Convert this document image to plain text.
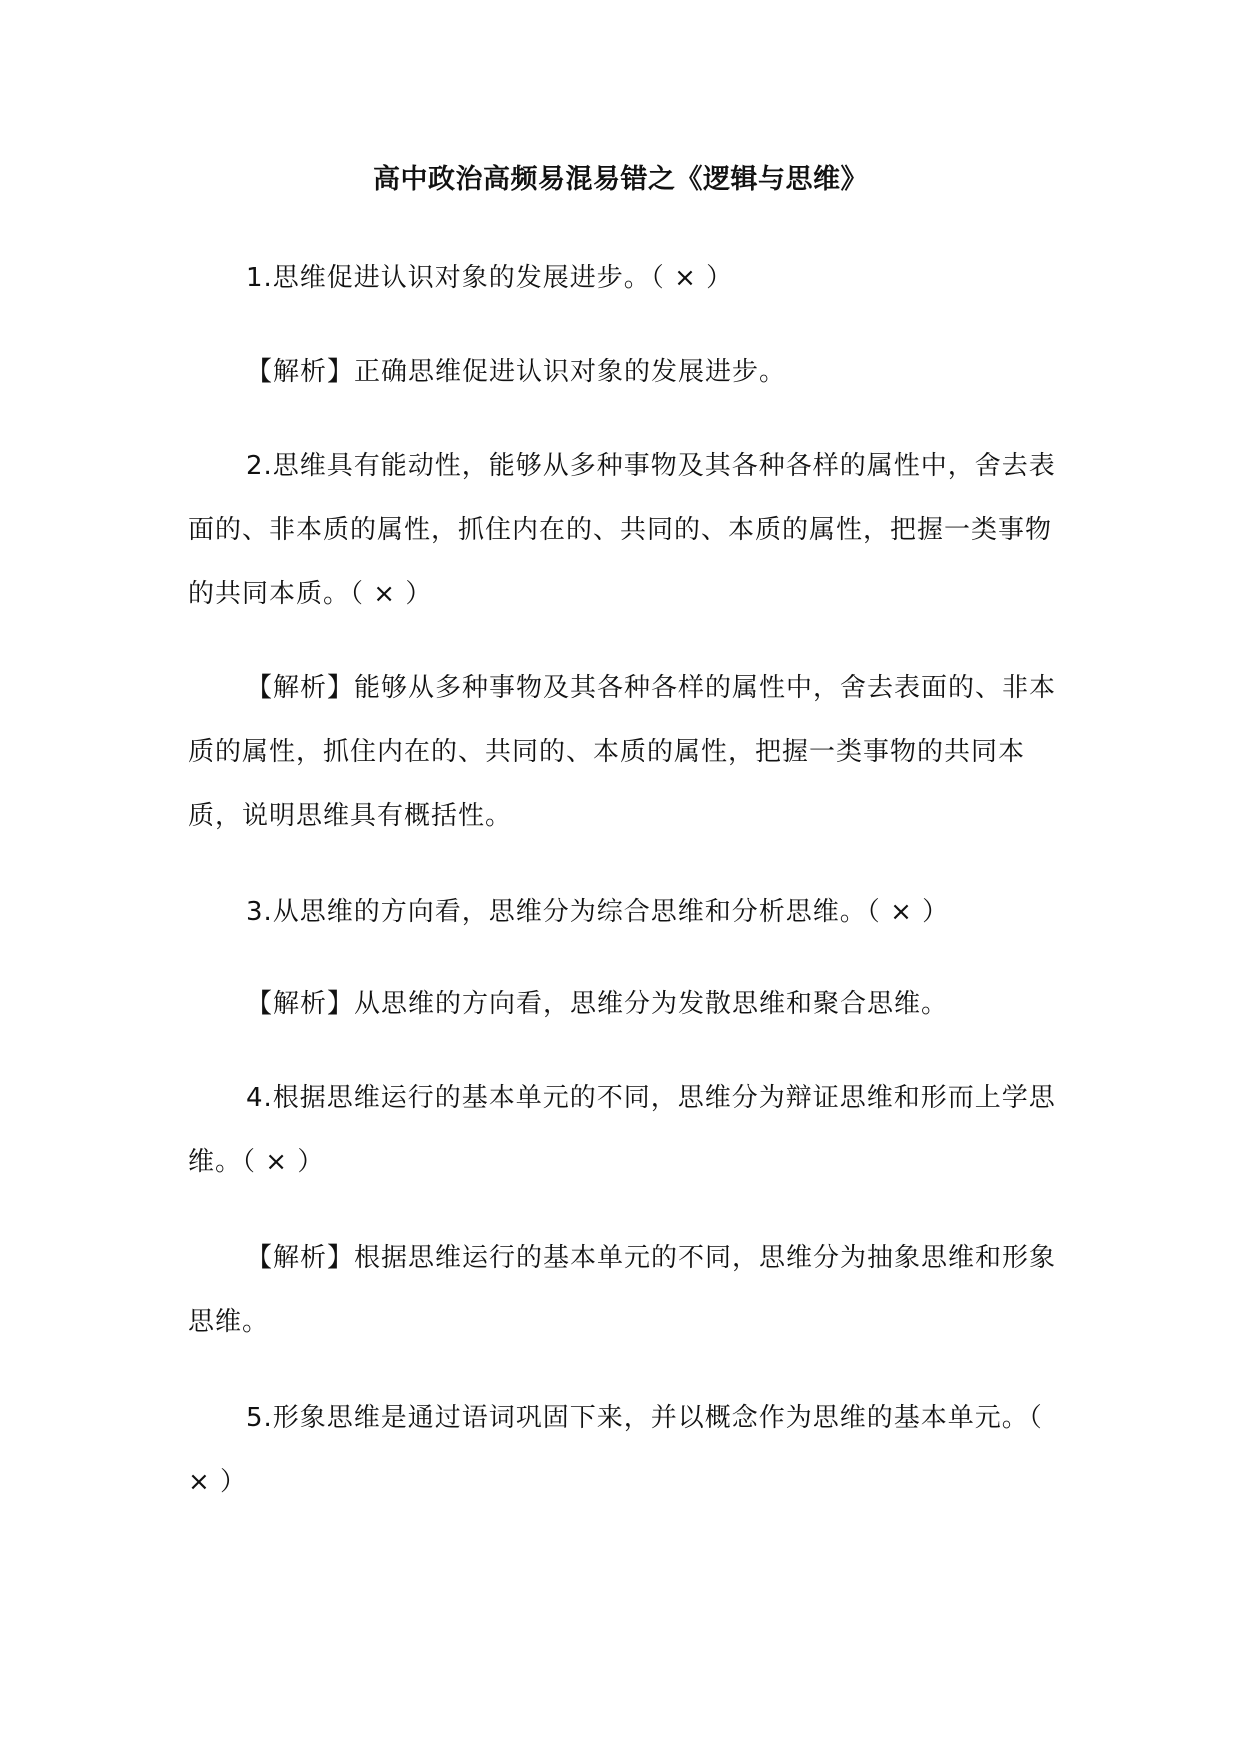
高中政治高频易混易错之《逻辑与思维》
1.思维促进认识对象的发展进步。（ × ）
【解析】正确思维促进认识对象的发展进步。
2.思维具有能动性，能够从多种事物及其各种各样的属性中，舍去表面的、非本质的属性，抓住内在的、共同的、本质的属性，把握一类事物的共同本质。（ × ）
【解析】能够从多种事物及其各种各样的属性中，舍去表面的、非本质的属性，抓住内在的、共同的、本质的属性，把握一类事物的共同本质，说明思维具有概括性。
3.从思维的方向看，思维分为综合思维和分析思维。（ × ）
【解析】从思维的方向看，思维分为发散思维和聚合思维。
4.根据思维运行的基本单元的不同，思维分为辩证思维和形而上学思维。（ × ）
【解析】根据思维运行的基本单元的不同，思维分为抽象思维和形象思维。
5.形象思维是通过语词巩固下来，并以概念作为思维的基本单元。（ × ）
